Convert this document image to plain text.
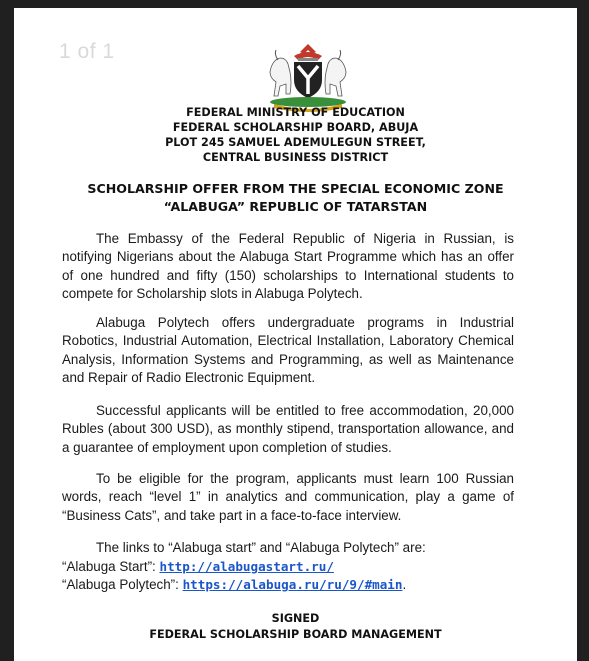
1 of 1
FEDERAL MINISTRY OF EDUCATION
FEDERAL SCHOLARSHIP BOARD, ABUJA
PLOT 245 SAMUEL ADEMULEGUN STREET,
CENTRAL BUSINESS DISTRICT
SCHOLARSHIP OFFER FROM THE SPECIAL ECONOMIC ZONE
“ALABUGA” REPUBLIC OF TATARSTAN

The Embassy of the Federal Republic of Nigeria in Russian, is notifying Nigerians about the Alabuga Start Programme which has an offer of one hundred and fifty (150) scholarships to International students to compete for Scholarship slots in Alabuga Polytech.

Alabuga Polytech offers undergraduate programs in Industrial Robotics, Industrial Automation, Electrical Installation, Laboratory Chemical Analysis, Information Systems and Programming, as well as Maintenance and Repair of Radio Electronic Equipment.

Successful applicants will be entitled to free accommodation, 20,000 Rubles (about 300 USD), as monthly stipend, transportation allowance, and a guarantee of employment upon completion of studies.

To be eligible for the program, applicants must learn 100 Russian words, reach “level 1” in analytics and communication, play a game of “Business Cats”, and take part in a face-to-face interview.

The links to “Alabuga start” and “Alabuga Polytech” are:

“Alabuga Start”: http://alabugastart.ru/

“Alabuga Polytech”: https://alabuga.ru/ru/9/#main.

SIGNED
FEDERAL SCHOLARSHIP BOARD MANAGEMENT
